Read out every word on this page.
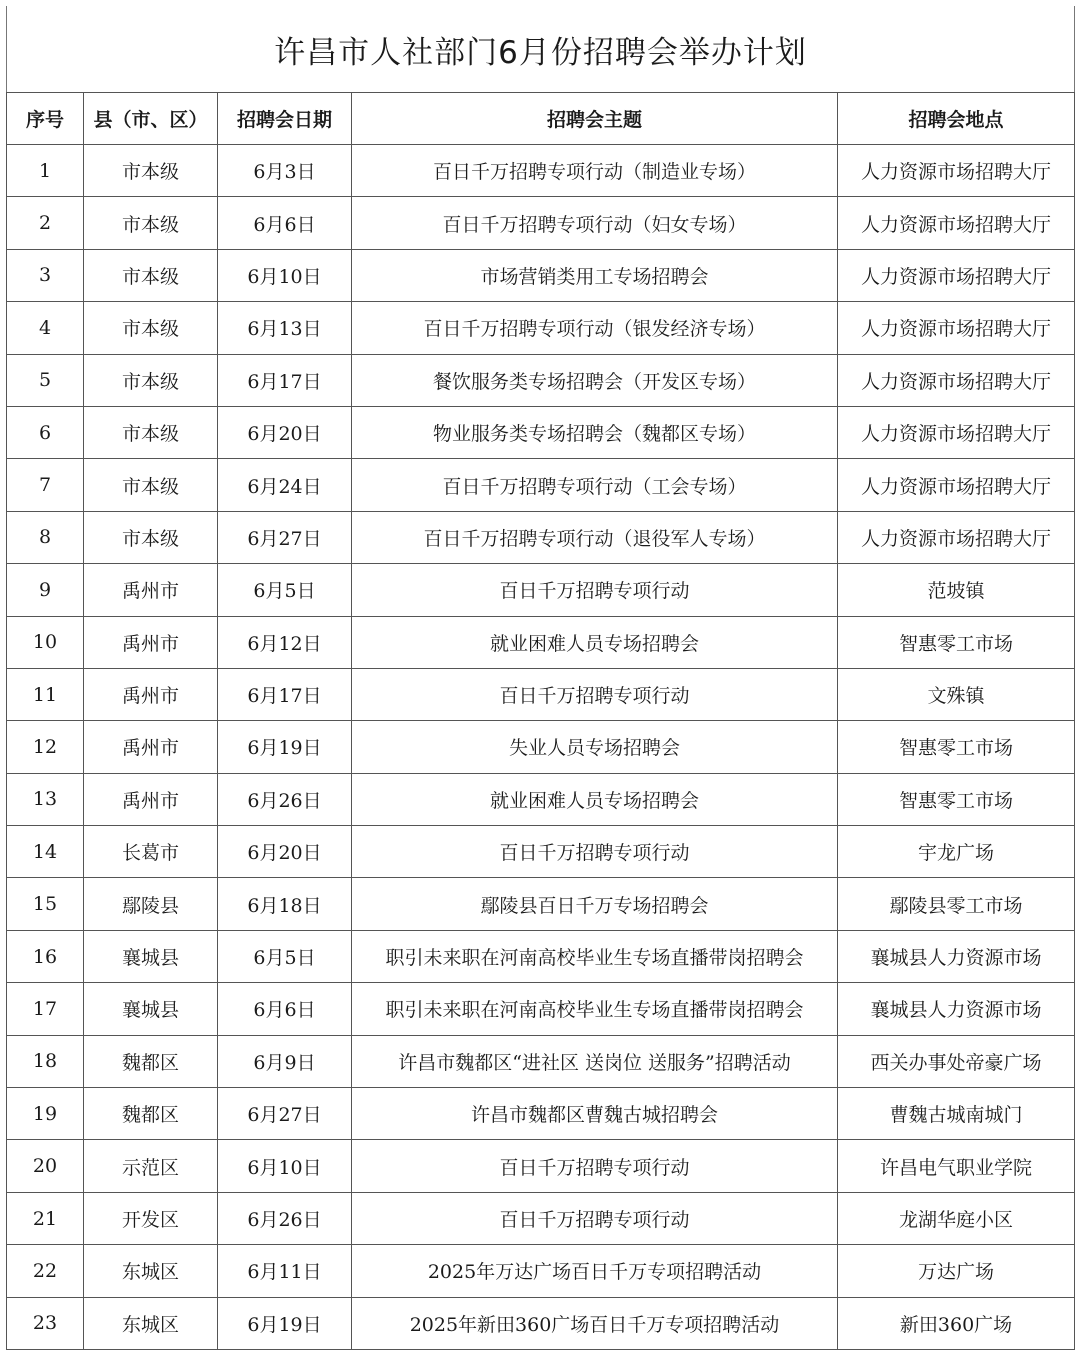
许昌市人社部门6月份招聘会举办计划				
序号	县（市、区）	招聘会日期	招聘会主题	招聘会地点
1	市本级	6月3日	百日千万招聘专项行动（制造业专场）	人力资源市场招聘大厅
2	市本级	6月6日	百日千万招聘专项行动（妇女专场）	人力资源市场招聘大厅
3	市本级	6月10日	市场营销类用工专场招聘会	人力资源市场招聘大厅
4	市本级	6月13日	百日千万招聘专项行动（银发经济专场）	人力资源市场招聘大厅
5	市本级	6月17日	餐饮服务类专场招聘会（开发区专场）	人力资源市场招聘大厅
6	市本级	6月20日	物业服务类专场招聘会（魏都区专场）	人力资源市场招聘大厅
7	市本级	6月24日	百日千万招聘专项行动（工会专场）	人力资源市场招聘大厅
8	市本级	6月27日	百日千万招聘专项行动（退役军人专场）	人力资源市场招聘大厅
9	禹州市	6月5日	百日千万招聘专项行动	范坡镇
10	禹州市	6月12日	就业困难人员专场招聘会	智惠零工市场
11	禹州市	6月17日	百日千万招聘专项行动	文殊镇
12	禹州市	6月19日	失业人员专场招聘会	智惠零工市场
13	禹州市	6月26日	就业困难人员专场招聘会	智惠零工市场
14	长葛市	6月20日	百日千万招聘专项行动	宇龙广场
15	鄢陵县	6月18日	鄢陵县百日千万专场招聘会	鄢陵县零工市场
16	襄城县	6月5日	职引未来职在河南高校毕业生专场直播带岗招聘会	襄城县人力资源市场
17	襄城县	6月6日	职引未来职在河南高校毕业生专场直播带岗招聘会	襄城县人力资源市场
18	魏都区	6月9日	许昌市魏都区“进社区 送岗位 送服务”招聘活动	西关办事处帝豪广场
19	魏都区	6月27日	许昌市魏都区曹魏古城招聘会	曹魏古城南城门
20	示范区	6月10日	百日千万招聘专项行动	许昌电气职业学院
21	开发区	6月26日	百日千万招聘专项行动	龙湖华庭小区
22	东城区	6月11日	2025年万达广场百日千万专项招聘活动	万达广场
23	东城区	6月19日	2025年新田360广场百日千万专项招聘活动	新田360广场
